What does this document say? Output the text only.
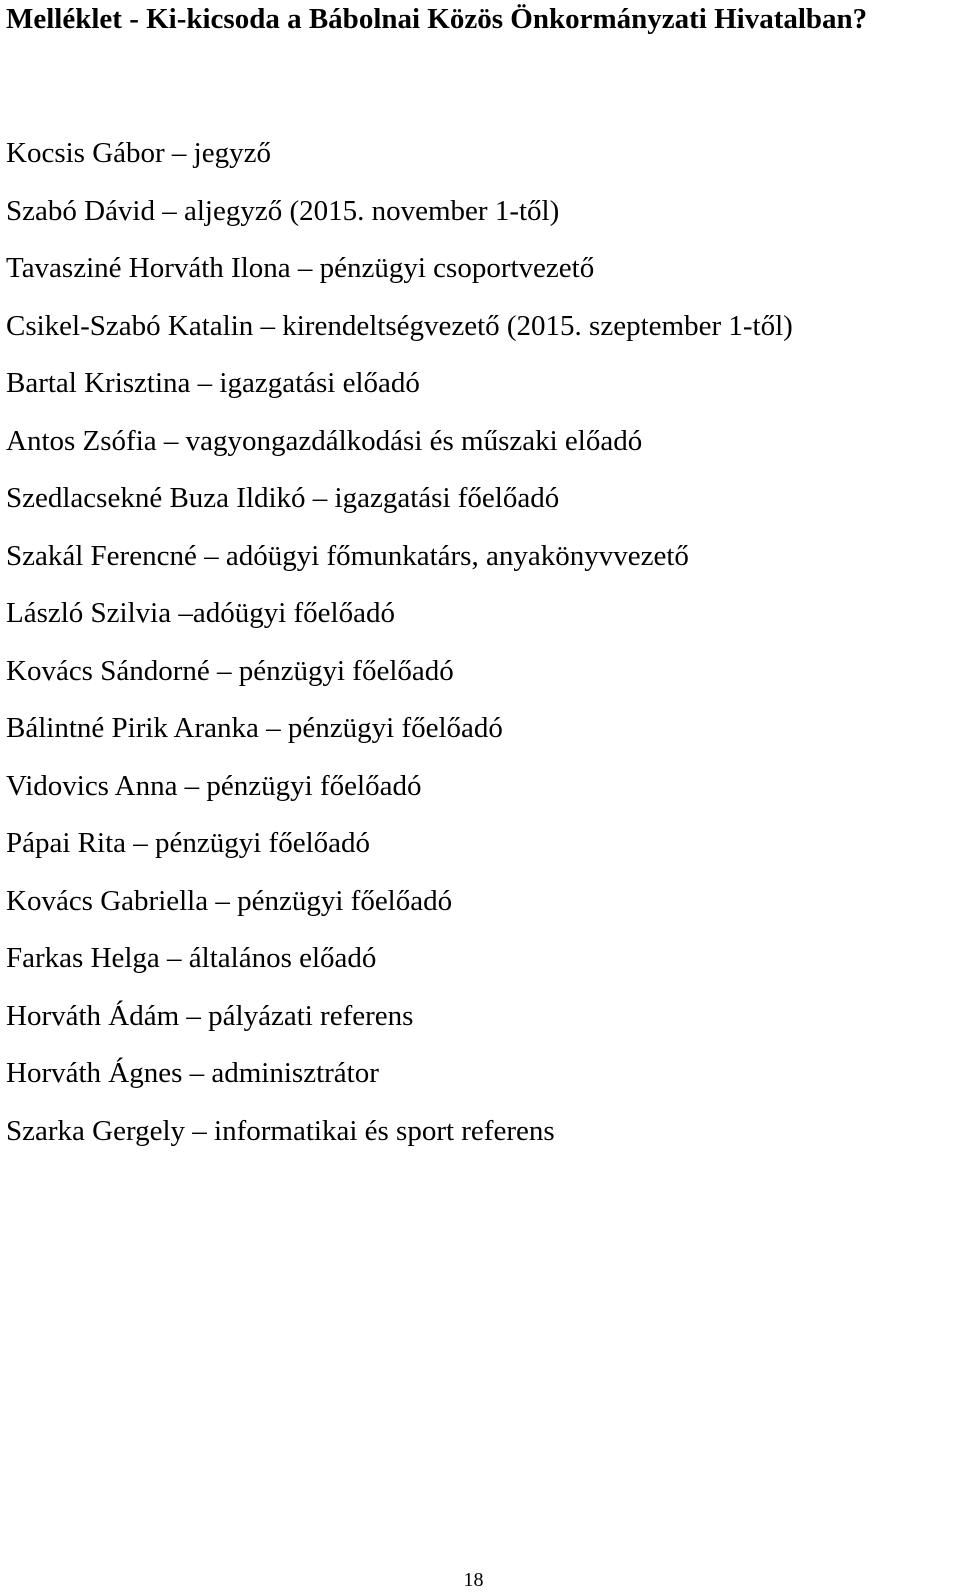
Melléklet - Ki-kicsoda a Bábolnai Közös Önkormányzati Hivatalban?
Kocsis Gábor – jegyző
Szabó Dávid – aljegyző (2015. november 1-től)
Tavasziné Horváth Ilona – pénzügyi csoportvezető
Csikel-Szabó Katalin – kirendeltségvezető (2015. szeptember 1-től)
Bartal Krisztina – igazgatási előadó
Antos Zsófia – vagyongazdálkodási és műszaki előadó
Szedlacsekné Buza Ildikó – igazgatási főelőadó
Szakál Ferencné – adóügyi főmunkatárs, anyakönyvvezető
László Szilvia –adóügyi főelőadó
Kovács Sándorné – pénzügyi főelőadó
Bálintné Pirik Aranka – pénzügyi főelőadó
Vidovics Anna – pénzügyi főelőadó
Pápai Rita – pénzügyi főelőadó
Kovács Gabriella – pénzügyi főelőadó
Farkas Helga – általános előadó
Horváth Ádám – pályázati referens
Horváth Ágnes – adminisztrátor
Szarka Gergely – informatikai és sport referens
18
